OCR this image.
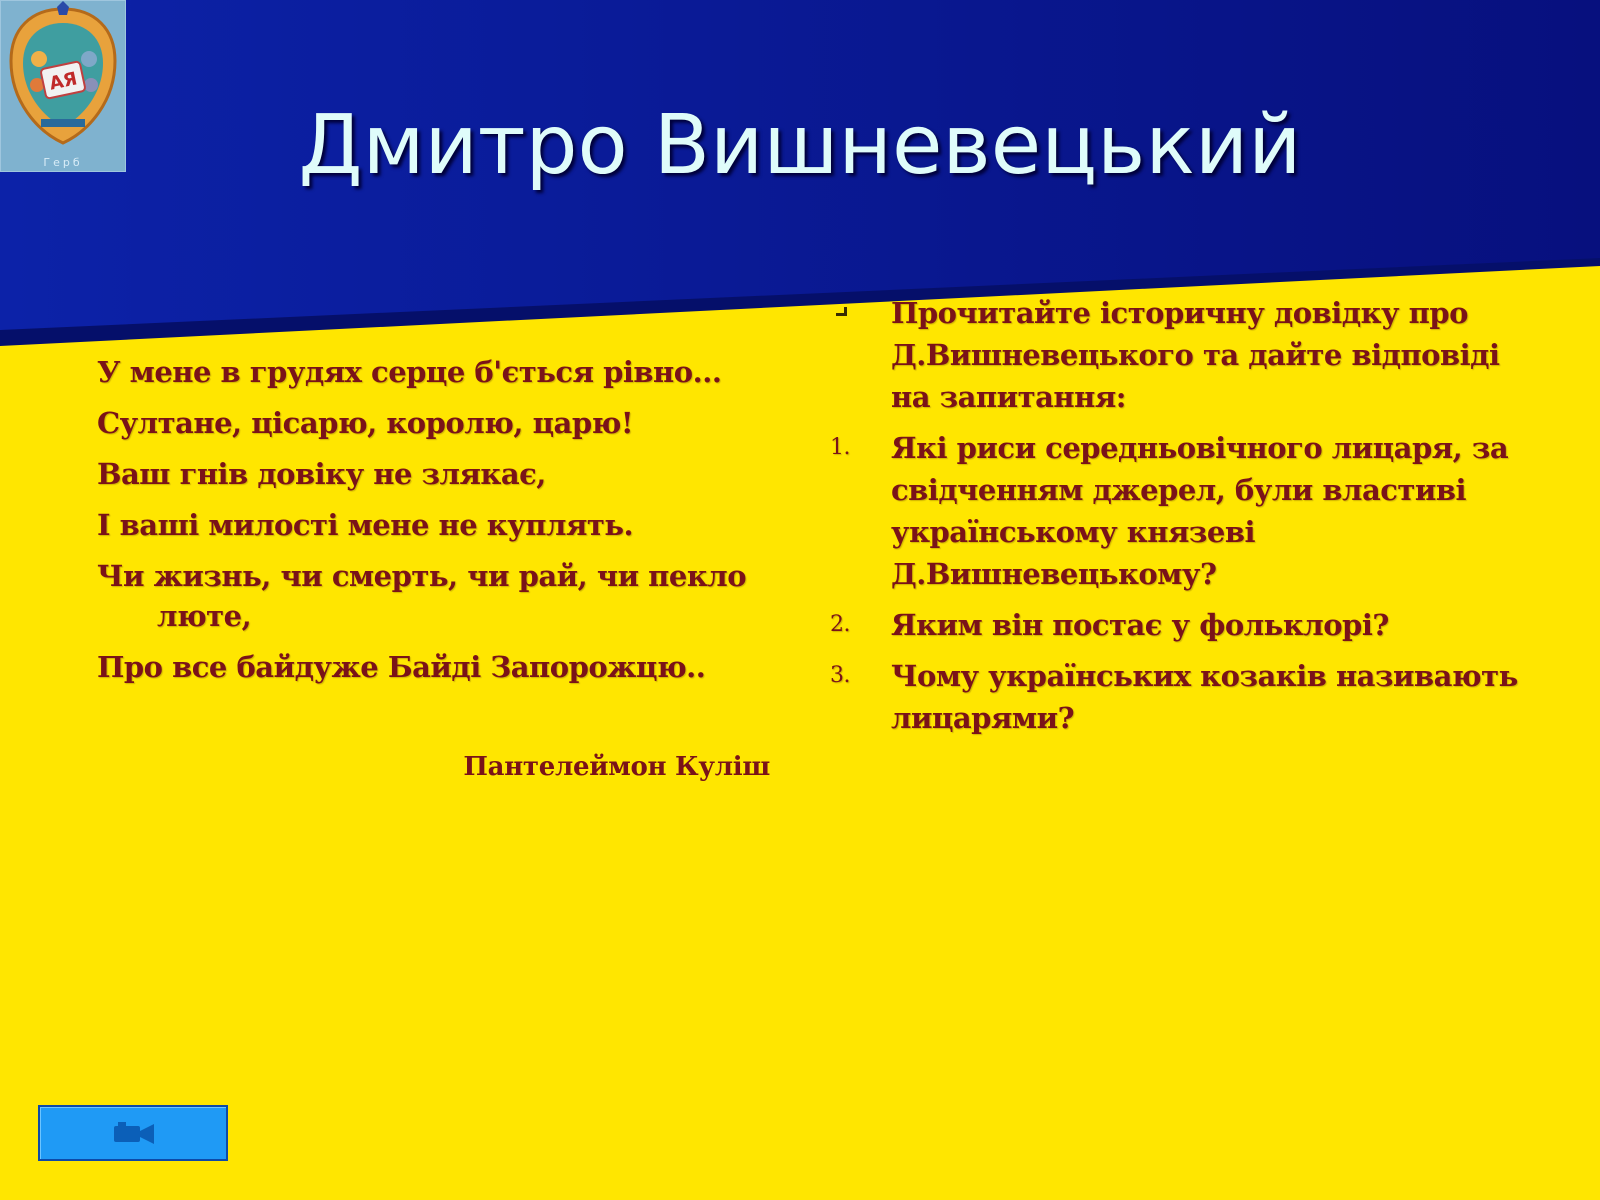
АЯ
Герб	Дмитро Вишневецький

У мене в грудях серце б'ється рівно...

Султане, цісарю, королю, царю!

Ваш гнів довіку не злякає,

І ваші милості мене не куплять.

Чи жизнь, чи смерть, чи рай, чи пекло люте,

Про все байдуже Байді Запорожцю..

Пантелеймон Куліш
Прочитайте історичну довідку про Д.Вишневецького та дайте відповіді на запитання:
1. Які риси середньовічного лицаря, за свідченням джерел, були властиві українському князеві Д.Вишневецькому?
2. Яким він постає у фольклорі?
3. Чому українських козаків називають лицарями?
